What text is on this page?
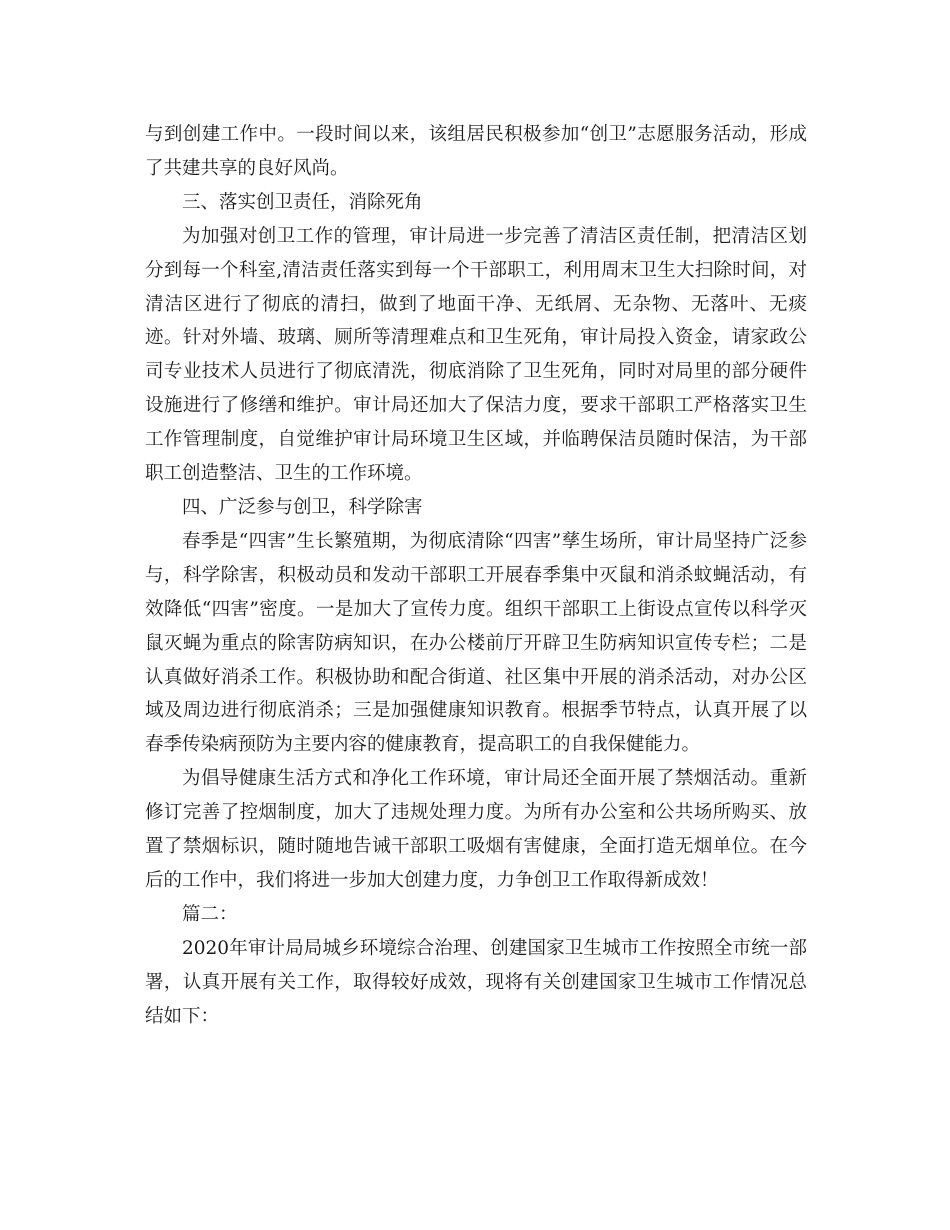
与到创建工作中。一段时间以来，该组居民积极参加“创卫”志愿服务活动，形成了共建共享的良好风尚。

三、落实创卫责任，消除死角

为加强对创卫工作的管理，审计局进一步完善了清洁区责任制，把清洁区划分到每一个科室,清洁责任落实到每一个干部职工，利用周末卫生大扫除时间，对清洁区进行了彻底的清扫，做到了地面干净、无纸屑、无杂物、无落叶、无痰迹。针对外墙、玻璃、厕所等清理难点和卫生死角，审计局投入资金，请家政公司专业技术人员进行了彻底清洗，彻底消除了卫生死角，同时对局里的部分硬件设施进行了修缮和维护。审计局还加大了保洁力度，要求干部职工严格落实卫生工作管理制度，自觉维护审计局环境卫生区域，并临聘保洁员随时保洁，为干部职工创造整洁、卫生的工作环境。

四、广泛参与创卫，科学除害

春季是“四害”生长繁殖期，为彻底清除“四害”孳生场所，审计局坚持广泛参与，科学除害，积极动员和发动干部职工开展春季集中灭鼠和消杀蚊蝇活动，有效降低“四害”密度。一是加大了宣传力度。组织干部职工上街设点宣传以科学灭鼠灭蝇为重点的除害防病知识，在办公楼前厅开辟卫生防病知识宣传专栏；二是认真做好消杀工作。积极协助和配合街道、社区集中开展的消杀活动，对办公区域及周边进行彻底消杀；三是加强健康知识教育。根据季节特点，认真开展了以春季传染病预防为主要内容的健康教育，提高职工的自我保健能力。

为倡导健康生活方式和净化工作环境，审计局还全面开展了禁烟活动。重新修订完善了控烟制度，加大了违规处理力度。为所有办公室和公共场所购买、放置了禁烟标识，随时随地告诫干部职工吸烟有害健康，全面打造无烟单位。在今后的工作中，我们将进一步加大创建力度，力争创卫工作取得新成效！

篇二：

2020年审计局局城乡环境综合治理、创建国家卫生城市工作按照全市统一部署，认真开展有关工作，取得较好成效，现将有关创建国家卫生城市工作情况总结如下：
